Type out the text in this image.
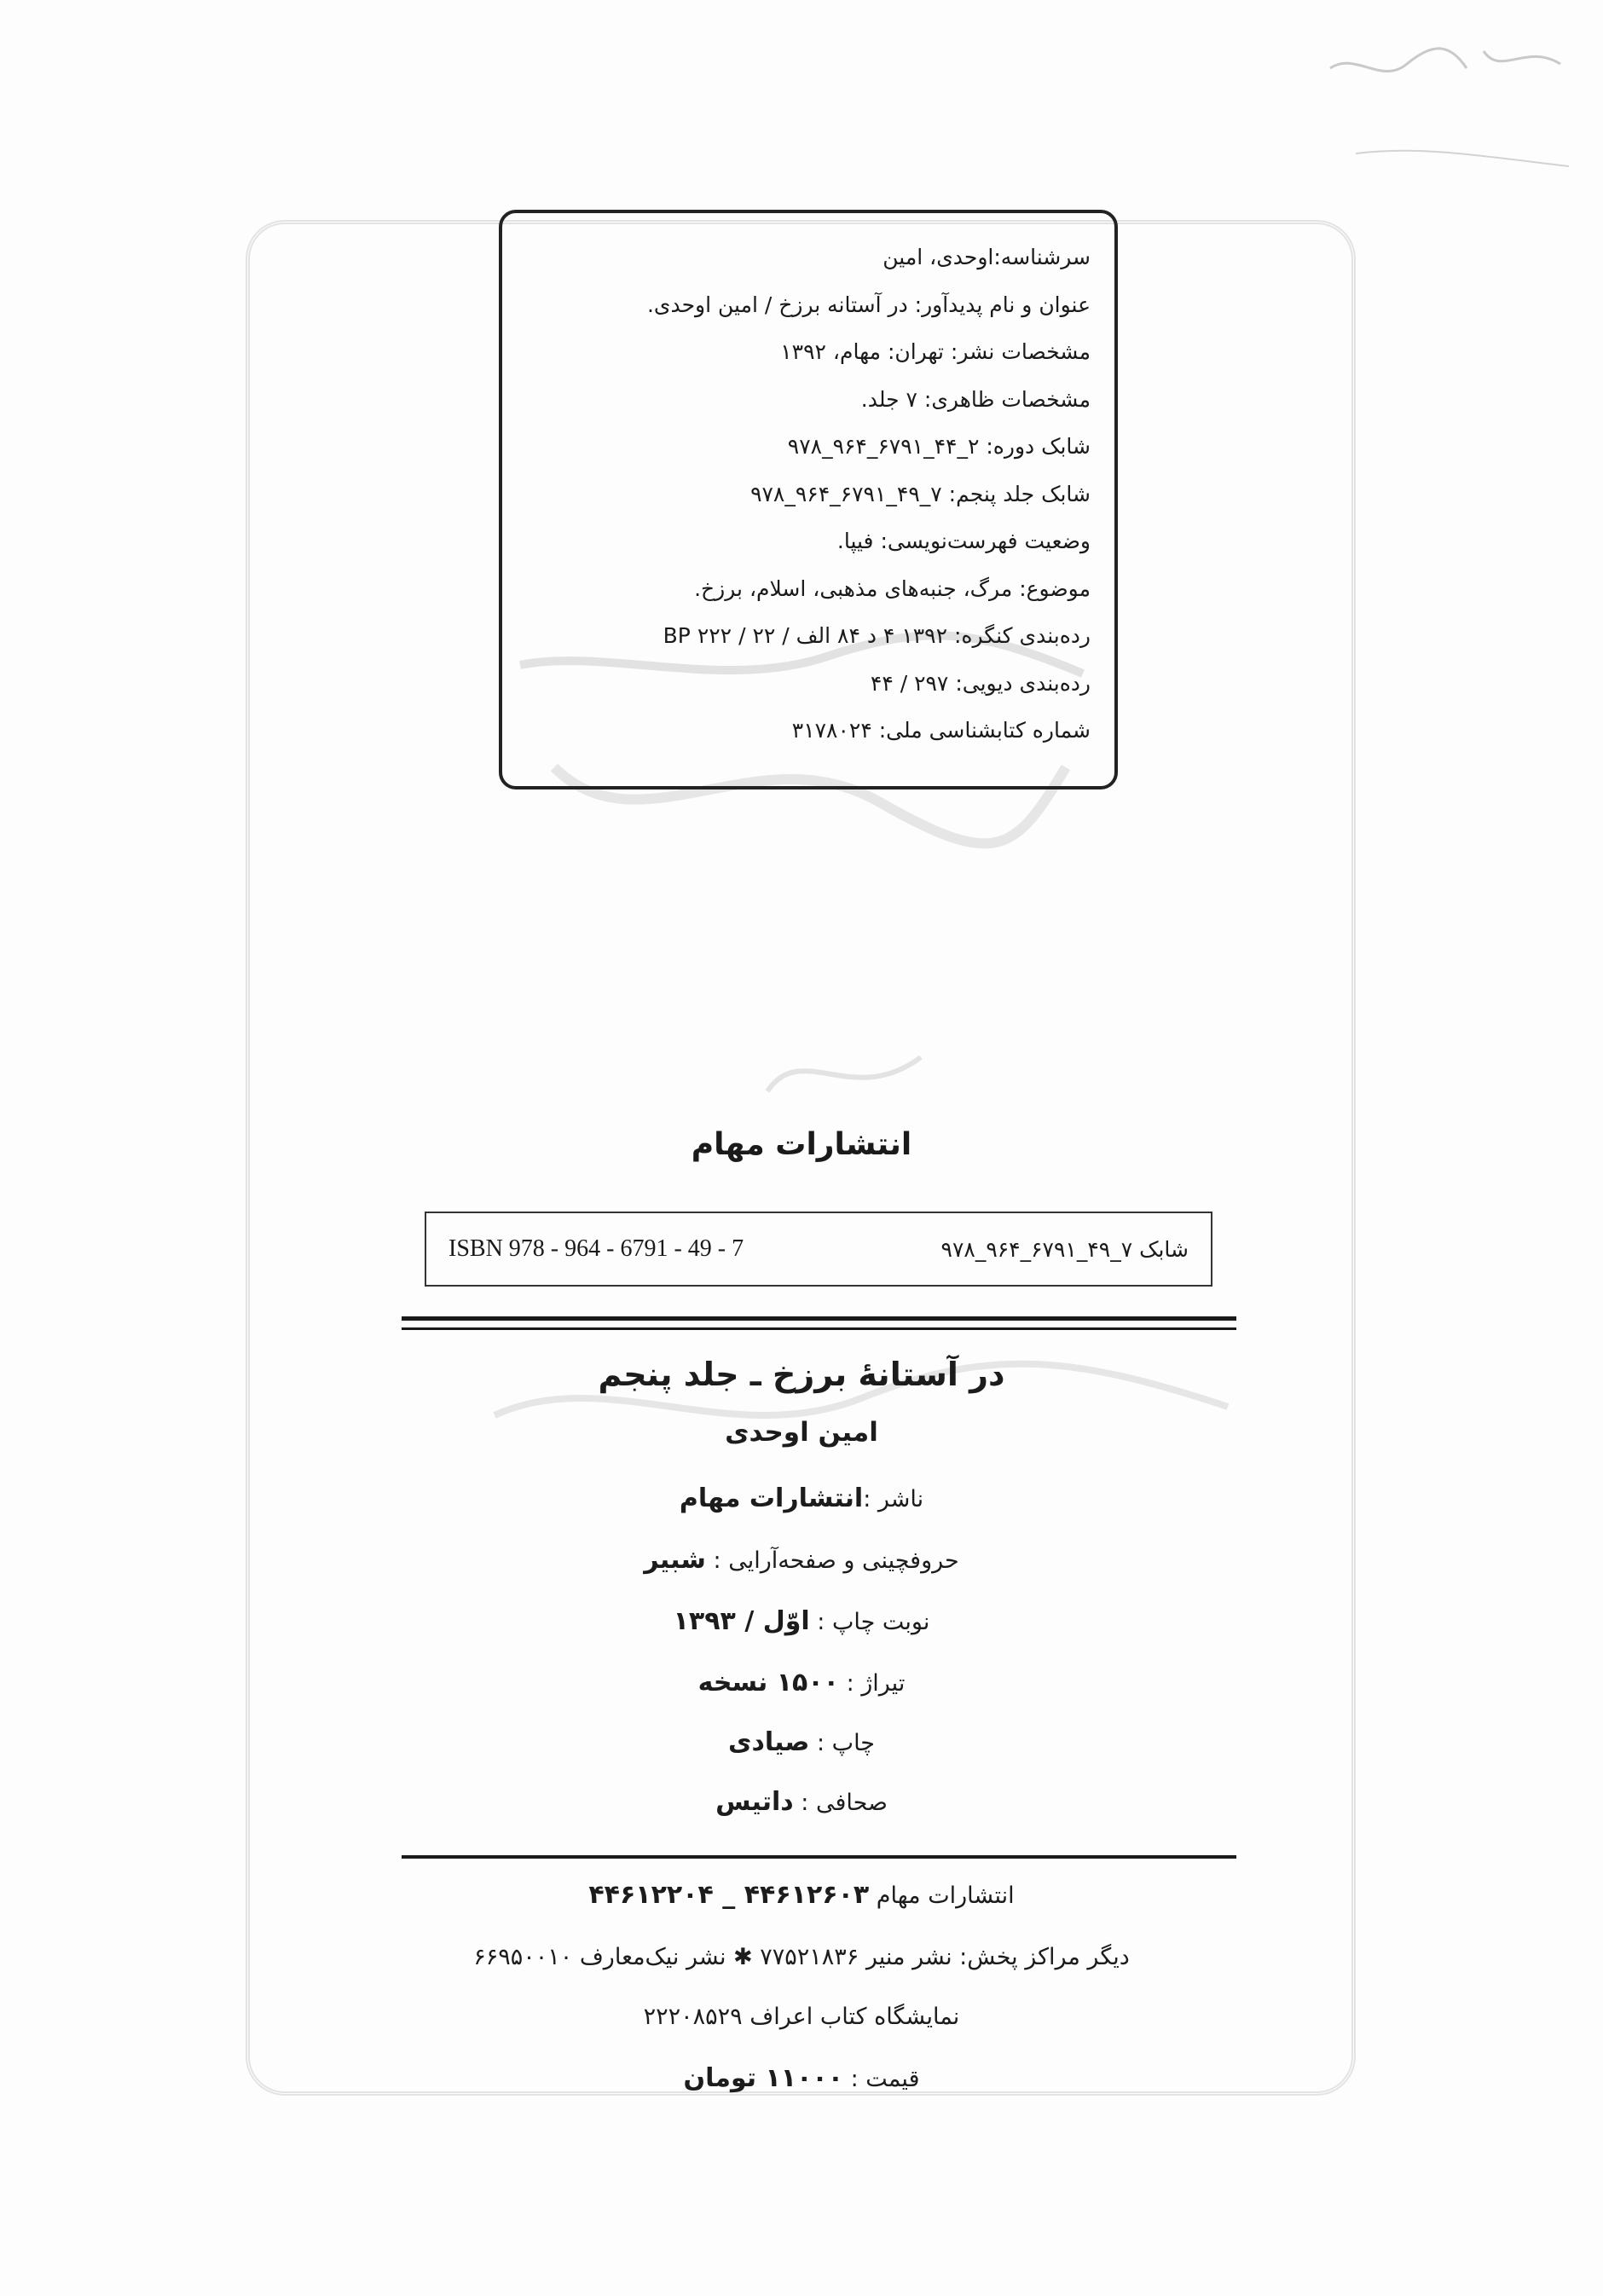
سرشناسه:اوحدی، امین
عنوان و نام پدیدآور: در آستانه برزخ / امین اوحدی.
مشخصات نشر: تهران: مهام، ۱۳۹۲
مشخصات ظاهری: ۷ جلد.
شابک دوره: ۲_۴۴_۶۷۹۱_۹۶۴_۹۷۸
شابک جلد پنجم: ۷_۴۹_۶۷۹۱_۹۶۴_۹۷۸
وضعیت فهرست‌نویسی: فیپا.
موضوع: مرگ، جنبه‌های مذهبی، اسلام، برزخ.
رده‌بندی کنگره: ۱۳۹۲ ۴ د ۸۴ الف / ۲۲ / BP ۲۲۲
رده‌بندی دیویی: ۲۹۷ / ۴۴
شماره کتابشناسی ملی: ۳۱۷۸۰۲۴
انتشارات مهام
ISBN 978 - 964 - 6791 - 49 - 7	شابک ۷_۴۹_۶۷۹۱_۹۶۴_۹۷۸
در آستانهٔ برزخ ـ جلد پنجم
امین اوحدی
ناشر :انتشارات مهام
حروفچینی و صفحه‌آرایی : شبیر
نوبت چاپ : اوّل / ۱۳۹۳
تیراژ : ۱۵۰۰ نسخه
چاپ : صیادی
صحافی : داتیس
انتشارات مهام ۴۴۶۱۲۶۰۳ _ ۴۴۶۱۲۲۰۴
دیگر مراکز پخش: نشر منیر ۷۷۵۲۱۸۳۶ ✱ نشر نیک‌معارف ۶۶۹۵۰۰۱۰
نمایشگاه کتاب اعراف ۲۲۲۰۸۵۲۹
قیمت : ۱۱۰۰۰ تومان
